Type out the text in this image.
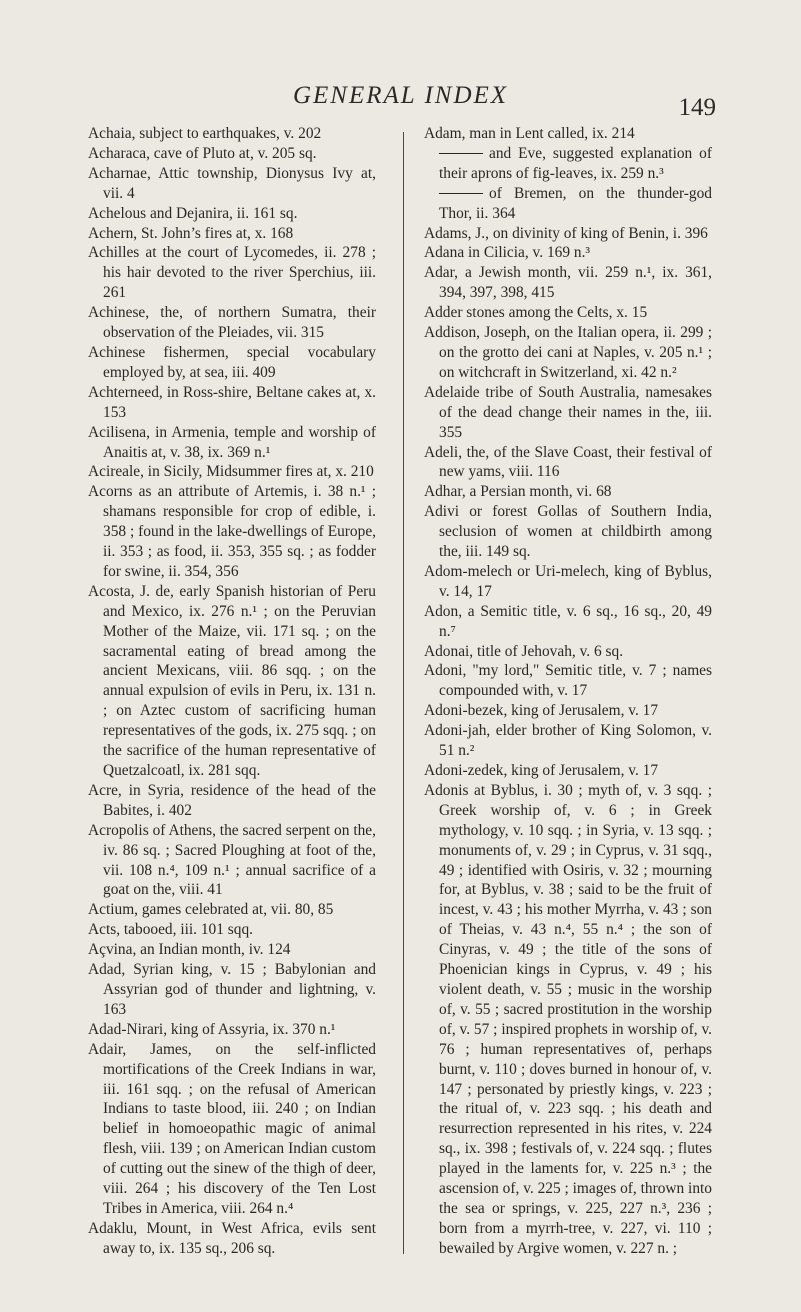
GENERAL INDEX	149

Achaia, subject to earthquakes, v. 202

Acharaca, cave of Pluto at, v. 205 sq.

Acharnae, Attic township, Dionysus Ivy at, vii. 4

Achelous and Dejanira, ii. 161 sq.

Achern, St. John’s fires at, x. 168

Achilles at the court of Lycomedes, ii. 278 ; his hair devoted to the river Sperchius, iii. 261

Achinese, the, of northern Sumatra, their observation of the Pleiades, vii. 315

Achinese fishermen, special vocabulary employed by, at sea, iii. 409

Achterneed, in Ross-shire, Beltane cakes at, x. 153

Acilisena, in Armenia, temple and worship of Anaitis at, v. 38, ix. 369 n.¹

Acireale, in Sicily, Midsummer fires at, x. 210

Acorns as an attribute of Artemis, i. 38 n.¹ ; shamans responsible for crop of edible, i. 358 ; found in the lake-dwellings of Europe, ii. 353 ; as food, ii. 353, 355 sq. ; as fodder for swine, ii. 354, 356

Acosta, J. de, early Spanish historian of Peru and Mexico, ix. 276 n.¹ ; on the Peruvian Mother of the Maize, vii. 171 sq. ; on the sacramental eating of bread among the ancient Mexicans, viii. 86 sqq. ; on the annual expulsion of evils in Peru, ix. 131 n. ; on Aztec custom of sacrificing human representatives of the gods, ix. 275 sqq. ; on the sacrifice of the human representative of Quetzalcoatl, ix. 281 sqq.

Acre, in Syria, residence of the head of the Babites, i. 402

Acropolis of Athens, the sacred serpent on the, iv. 86 sq. ; Sacred Ploughing at foot of the, vii. 108 n.⁴, 109 n.¹ ; annual sacrifice of a goat on the, viii. 41

Actium, games celebrated at, vii. 80, 85

Acts, tabooed, iii. 101 sqq.

Açvina, an Indian month, iv. 124

Adad, Syrian king, v. 15 ; Babylonian and Assyrian god of thunder and lightning, v. 163

Adad-Nirari, king of Assyria, ix. 370 n.¹

Adair, James, on the self-inflicted mortifications of the Creek Indians in war, iii. 161 sqq. ; on the refusal of American Indians to taste blood, iii. 240 ; on Indian belief in homoeopathic magic of animal flesh, viii. 139 ; on American Indian custom of cutting out the sinew of the thigh of deer, viii. 264 ; his discovery of the Ten Lost Tribes in America, viii. 264 n.⁴

Adaklu, Mount, in West Africa, evils sent away to, ix. 135 sq., 206 sq.

Adam, man in Lent called, ix. 214

and Eve, suggested explanation of their aprons of fig-leaves, ix. 259 n.³

of Bremen, on the thunder-god Thor, ii. 364

Adams, J., on divinity of king of Benin, i. 396

Adana in Cilicia, v. 169 n.³

Adar, a Jewish month, vii. 259 n.¹, ix. 361, 394, 397, 398, 415

Adder stones among the Celts, x. 15

Addison, Joseph, on the Italian opera, ii. 299 ; on the grotto dei cani at Naples, v. 205 n.¹ ; on witchcraft in Switzerland, xi. 42 n.²

Adelaide tribe of South Australia, namesakes of the dead change their names in the, iii. 355

Adeli, the, of the Slave Coast, their festival of new yams, viii. 116

Adhar, a Persian month, vi. 68

Adivi or forest Gollas of Southern India, seclusion of women at childbirth among the, iii. 149 sq.

Adom-melech or Uri-melech, king of Byblus, v. 14, 17

Adon, a Semitic title, v. 6 sq., 16 sq., 20, 49 n.⁷

Adonai, title of Jehovah, v. 6 sq.

Adoni, "my lord," Semitic title, v. 7 ; names compounded with, v. 17

Adoni-bezek, king of Jerusalem, v. 17

Adoni-jah, elder brother of King Solomon, v. 51 n.²

Adoni-zedek, king of Jerusalem, v. 17

Adonis at Byblus, i. 30 ; myth of, v. 3 sqq. ; Greek worship of, v. 6 ; in Greek mythology, v. 10 sqq. ; in Syria, v. 13 sqq. ; monuments of, v. 29 ; in Cyprus, v. 31 sqq., 49 ; identified with Osiris, v. 32 ; mourning for, at Byblus, v. 38 ; said to be the fruit of incest, v. 43 ; his mother Myrrha, v. 43 ; son of Theias, v. 43 n.⁴, 55 n.⁴ ; the son of Cinyras, v. 49 ; the title of the sons of Phoenician kings in Cyprus, v. 49 ; his violent death, v. 55 ; music in the worship of, v. 55 ; sacred prostitution in the worship of, v. 57 ; inspired prophets in worship of, v. 76 ; human representatives of, perhaps burnt, v. 110 ; doves burned in honour of, v. 147 ; personated by priestly kings, v. 223 ; the ritual of, v. 223 sqq. ; his death and resurrection represented in his rites, v. 224 sq., ix. 398 ; festivals of, v. 224 sqq. ; flutes played in the laments for, v. 225 n.³ ; the ascension of, v. 225 ; images of, thrown into the sea or springs, v. 225, 227 n.³, 236 ; born from a myrrh-tree, v. 227, vi. 110 ; bewailed by Argive women, v. 227 n. ;
